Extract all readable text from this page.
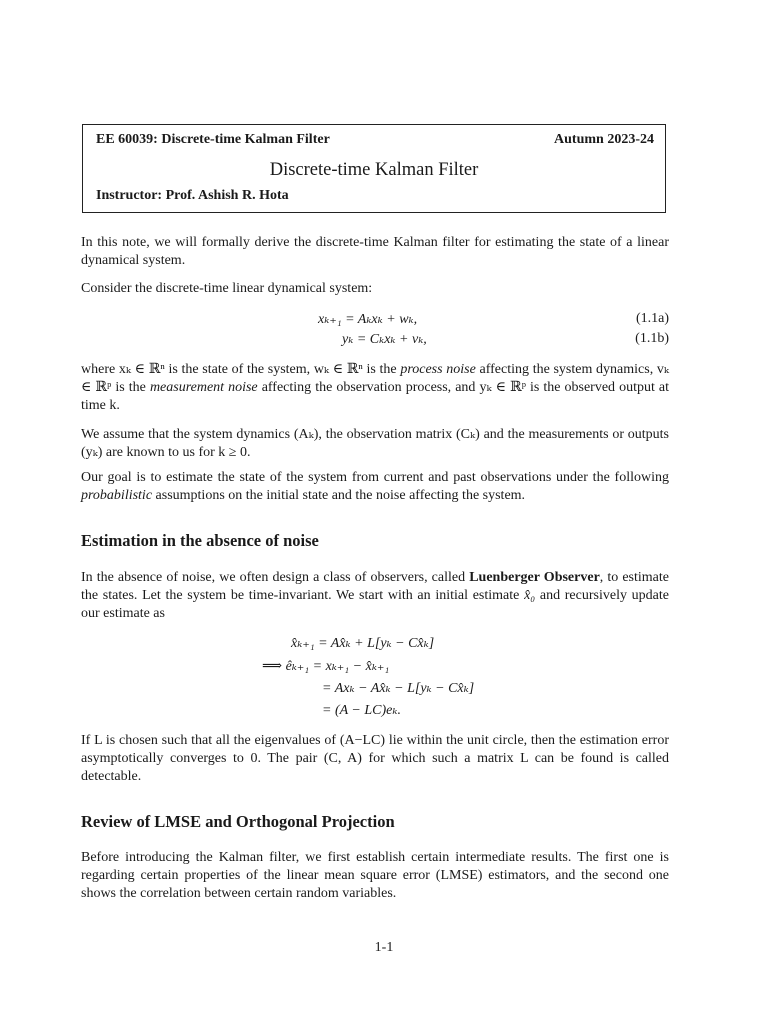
EE 60039: Discrete-time Kalman Filter	Autumn 2023-24
Discrete-time Kalman Filter
Instructor: Prof. Ashish R. Hota

In this note, we will formally derive the discrete-time Kalman filter for estimating the state of a linear dynamical system.

Consider the discrete-time linear dynamical system:

xₖ₊₁ = Aₖxₖ + wₖ,	(1.1a)
yₖ = Cₖxₖ + vₖ,	(1.1b)

where xₖ ∈ ℝⁿ is the state of the system, wₖ ∈ ℝⁿ is the process noise affecting the system dynamics, vₖ ∈ ℝᵖ is the measurement noise affecting the observation process, and yₖ ∈ ℝᵖ is the observed output at time k.

We assume that the system dynamics (Aₖ), the observation matrix (Cₖ) and the measurements or outputs (yₖ) are known to us for k ≥ 0.

Our goal is to estimate the state of the system from current and past observations under the following probabilistic assumptions on the initial state and the noise affecting the system.

Estimation in the absence of noise

In the absence of noise, we often design a class of observers, called Luenberger Observer, to estimate the states. Let the system be time-invariant. We start with an initial estimate x̂₀ and recursively update our estimate as

x̂ₖ₊₁ = Ax̂ₖ + L[yₖ − Cx̂ₖ]
⟹ êₖ₊₁ = xₖ₊₁ − x̂ₖ₊₁
= Axₖ − Ax̂ₖ − L[yₖ − Cx̂ₖ]
= (A − LC)eₖ.

If L is chosen such that all the eigenvalues of (A−LC) lie within the unit circle, then the estimation error asymptotically converges to 0. The pair (C, A) for which such a matrix L can be found is called detectable.

Review of LMSE and Orthogonal Projection

Before introducing the Kalman filter, we first establish certain intermediate results. The first one is regarding certain properties of the linear mean square error (LMSE) estimators, and the second one shows the correlation between certain random variables.

1-1
